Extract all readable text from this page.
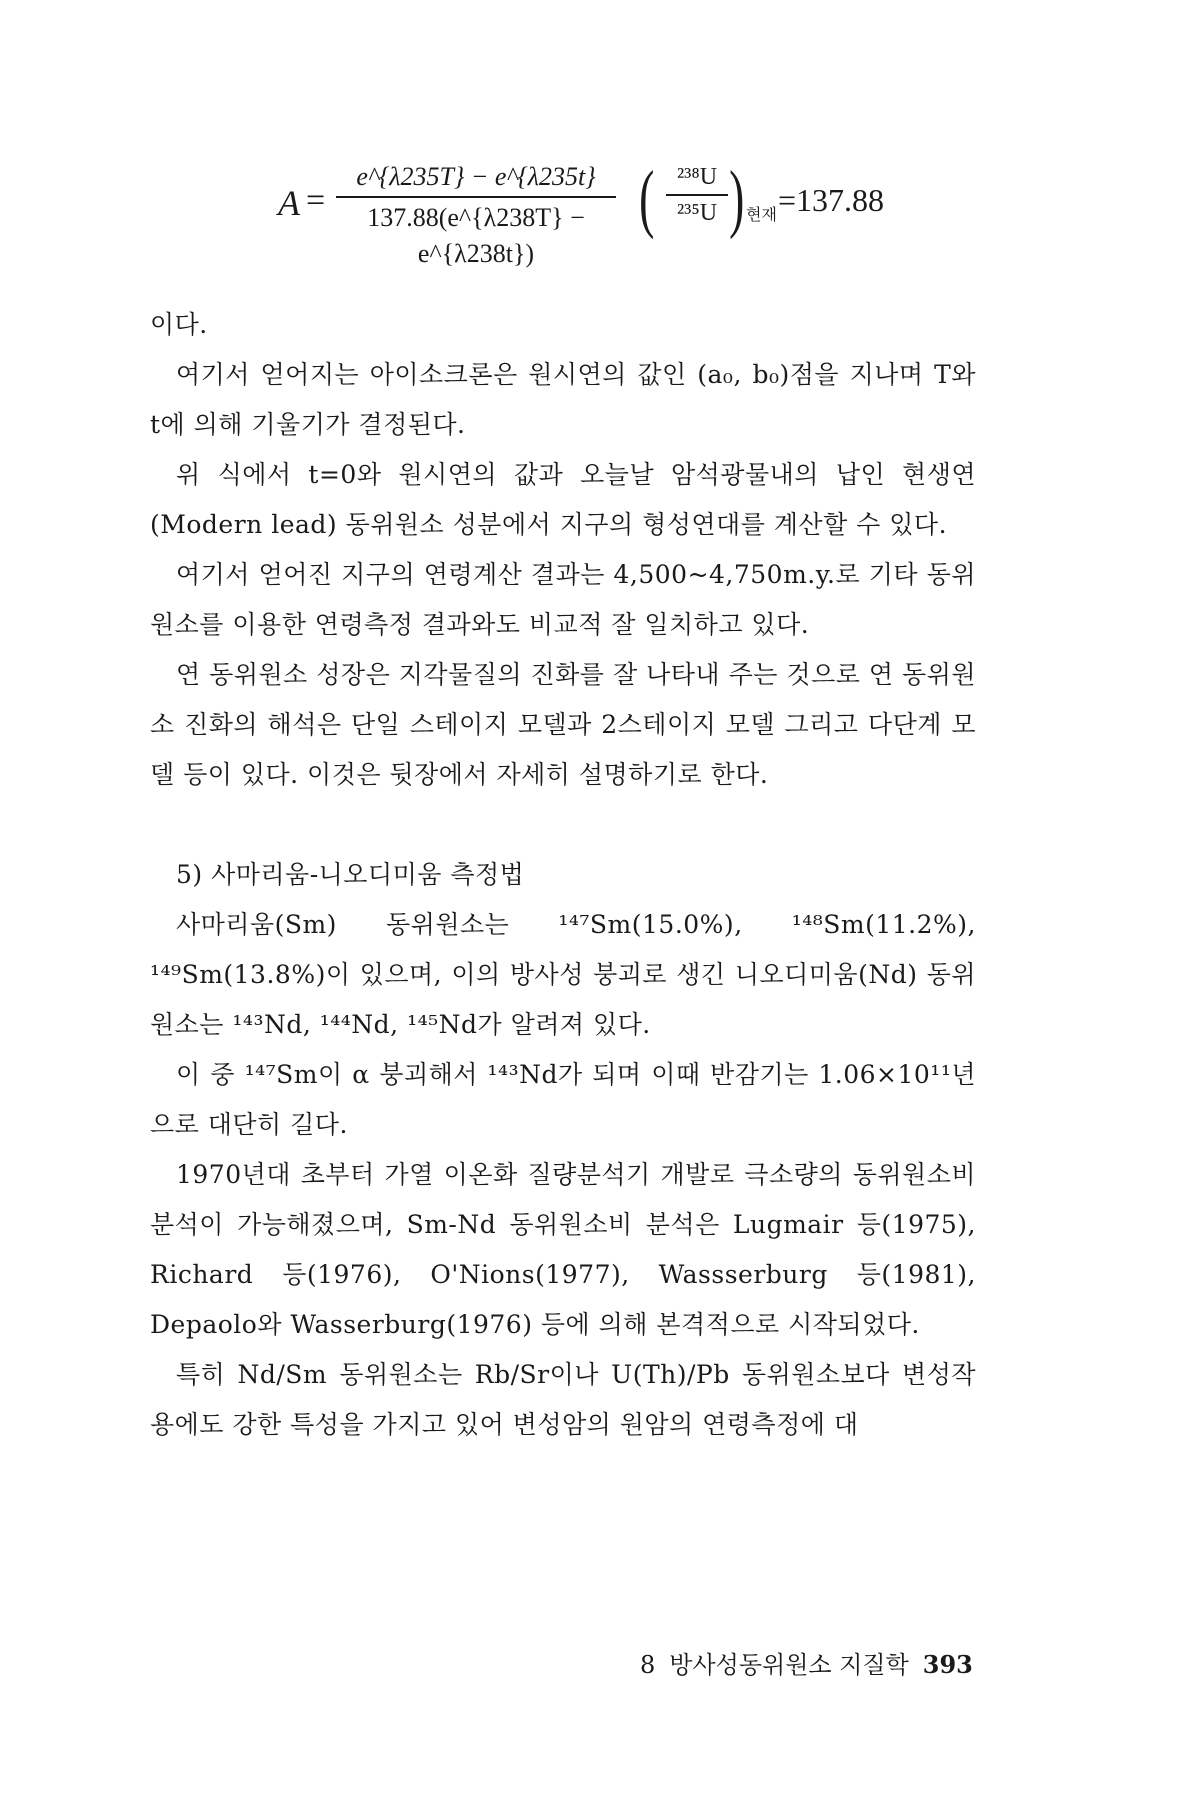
A =
e^{λ235T} − e^{λ235t}
137.88(e^{λ238T} − e^{λ238t})
( ²³⁸U
²³⁵U ) 현재 =137.88

이다.

여기서 얻어지는 아이소크론은 원시연의 값인 (a₀, b₀)점을 지나며 T와 t에 의해 기울기가 결정된다.

위 식에서 t=0와 원시연의 값과 오늘날 암석광물내의 납인 현생연(Modern lead) 동위원소 성분에서 지구의 형성연대를 계산할 수 있다.

여기서 얻어진 지구의 연령계산 결과는 4,500~4,750m.y.로 기타 동위원소를 이용한 연령측정 결과와도 비교적 잘 일치하고 있다.

연 동위원소 성장은 지각물질의 진화를 잘 나타내 주는 것으로 연 동위원소 진화의 해석은 단일 스테이지 모델과 2스테이지 모델 그리고 다단계 모델 등이 있다. 이것은 뒷장에서 자세히 설명하기로 한다.

5) 사마리움-니오디미움 측정법

사마리움(Sm) 동위원소는 ¹⁴⁷Sm(15.0%), ¹⁴⁸Sm(11.2%), ¹⁴⁹Sm(13.8%)이 있으며, 이의 방사성 붕괴로 생긴 니오디미움(Nd) 동위원소는 ¹⁴³Nd, ¹⁴⁴Nd, ¹⁴⁵Nd가 알려져 있다.

이 중 ¹⁴⁷Sm이 α 붕괴해서 ¹⁴³Nd가 되며 이때 반감기는 1.06×10¹¹년으로 대단히 길다.

1970년대 초부터 가열 이온화 질량분석기 개발로 극소량의 동위원소비 분석이 가능해졌으며, Sm-Nd 동위원소비 분석은 Lugmair 등(1975), Richard 등(1976), O'Nions(1977), Wassserburg 등(1981), Depaolo와 Wasserburg(1976) 등에 의해 본격적으로 시작되었다.

특히 Nd/Sm 동위원소는 Rb/Sr이나 U(Th)/Pb 동위원소보다 변성작용에도 강한 특성을 가지고 있어 변성암의 원암의 연령측정에 대

8 방사성동위원소 지질학 393
